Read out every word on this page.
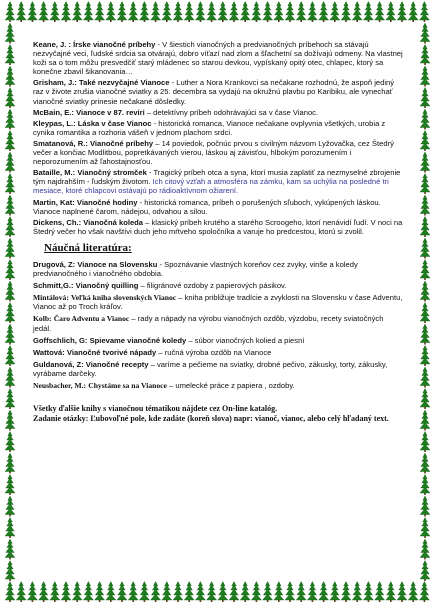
Keane, J. : Írske vianočné príbehy - V šiestich vianočných a predvianočných príbehoch sa stávajú nezvyčajné veci, ľudské srdcia sa otvárajú, dobro víťazí nad zlom a šľachetní sa dožívajú odmeny. Na vlastnej koži sa o tom môžu presvedčiť starý mládenec so starou devkou, vypískaný opitý otec, chlapec, ktorý sa konečne zbavil šikanovania…
Grisham, J.: Také nezvyčajné Vianoce - Luther a Nora Krankovci sa nečakane rozhodnú, že aspoň jediný raz v živote zrušia vianočné sviatky a 25. decembra sa vydajú na okružnú plavbu po Karibiku, ale vynechať vianočné sviatky prinesie nečakané dôsledky.
McBain, E.: Vianoce v 87. revíri – detektívny príbeh odohrávajúci sa v čase Vianoc.
Kleypas, L.: Láska v čase Vianoc - historická romanca, Vianoce nečakane ovplyvnia všetkých, urobia z cynika romantika a rozhoria vášeň v jednom plachom srdci.
Smatanová, R.: Vianočné príbehy – 14 poviedok, počnúc prvou s civilným názvom Lyžovačka, cez Štedrý večer a končiac Modlitbou, popretkávaných vierou, láskou aj závisťou, hlbokým porozumením i neporozumením až ľahostajnosťou.
Bataille, M.: Vianočný stromček - Tragický príbeh otca a syna, ktorí musia zaplatiť za nezmyselné zbrojenie tým najdrahším - ľudským životom. Ich citový vzťah a atmosféra na zámku, kam sa uchýlia na posledné tri mesiace, ktoré chlapcovi ostávajú po rádioaktívnom ožiarení.
Martin, Kat: Vianočné hodiny - historická romanca, príbeh o porušených sľuboch, vykúpených láskou. Vianoce naplnené čarom, nádejou, odvahou a silou.
Dickens, Ch.: Vianočná koleda – klasický príbeh krutého a starého Scroogeho, ktorí nenávidí ľudí. V noci na Štedrý večer ho však navštívi duch jeho mŕtveho spoločníka a varuje ho predcestou, ktorú si zvolil.
Náučná literatúra:
Drugová, Z: Vianoce na Slovensku - Spoznávanie vlastných koreňov cez zvyky, vinše a koledy predvianočného i vianočného obdobia.
Schmitt,G.: Vianočný quilling – filigránové ozdoby z papierových pásikov.
Mintálová: Veľká kniha slovenských Vianoc – kniha približuje tradície a zvyklosti na Slovensku v čase Adventu, Vianoc až po Troch kráľov.
Kolb: Čaro Adventu a Vianoc – rady a nápady na výrobu vianočných ozdôb, výzdobu, recety sviatočných jedál.
Goffschlich, G: Spievame vianočné koledy – súbor vianočných kolied a piesní
Wattová: Vianočné tvorivé nápady – ručná výroba ozdôb na Vianoce
Guldanová, Z: Vianočné recepty – varíme a pečieme na sviatky, drobné pečivo, zákusky, torty, zákusky, vyrábame darčeky.
Neusbacher, M.: Chystáme sa na Vianoce – umelecké práce z papiera , ozdoby.
Všetky ďalšie knihy s vianočnou tématikou nájdete cez On-line katalóg.
Zadanie otázky: Ľubovoľné pole, kde zadáte (koreň slova) napr: vianoč, vianoc, alebo celý hľadaný text.
